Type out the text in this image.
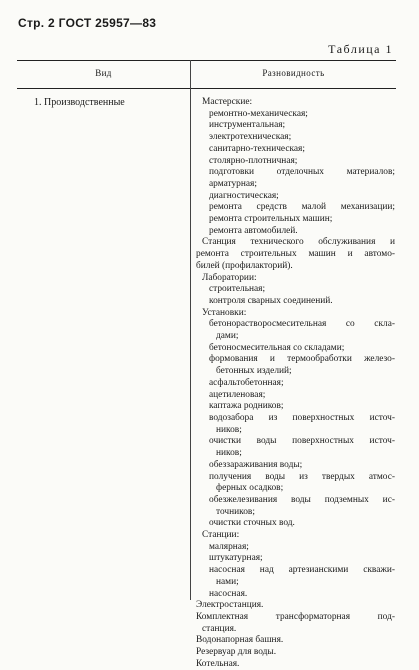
Стр. 2 ГОСТ 25957—83
Таблица 1
Вид	Разновидность
1. Производственные	Мастерские:
ремонтно-механическая;
инструментальная;
электротехническая;
санитарно-техническая;
столярно-плотничная;
подготовки отделочных материалов;
арматурная;
диагностическая;
ремонта средств малой механизации;
ремонта строительных машин;
ремонта автомобилей.
Станция технического обслуживания и
ремонта строительных машин и автомо-
билей (профилакторий).
Лаборатории:
строительная;
контроля сварных соединений.
Установки:
бетонорастворосмесительная со скла-
дами;
бетоносмесительная со складами;
формования и термообработки железо-
бетонных изделий;
асфальтобетонная;
ацетиленовая;
каптажа родников;
водозабора из поверхностных источ-
ников;
очистки воды поверхностных источ-
ников;
обеззараживания воды;
получения воды из твердых атмос-
ферных осадков;
обезжелезивания воды подземных ис-
точников;
очистки сточных вод.
Станции:
малярная;
штукатурная;
насосная над артезианскими скважи-
нами;
насосная.
Электростанция.
Комплектная трансформаторная под-
станция.
Водонапорная башня.
Резервуар для воды.
Котельная.
